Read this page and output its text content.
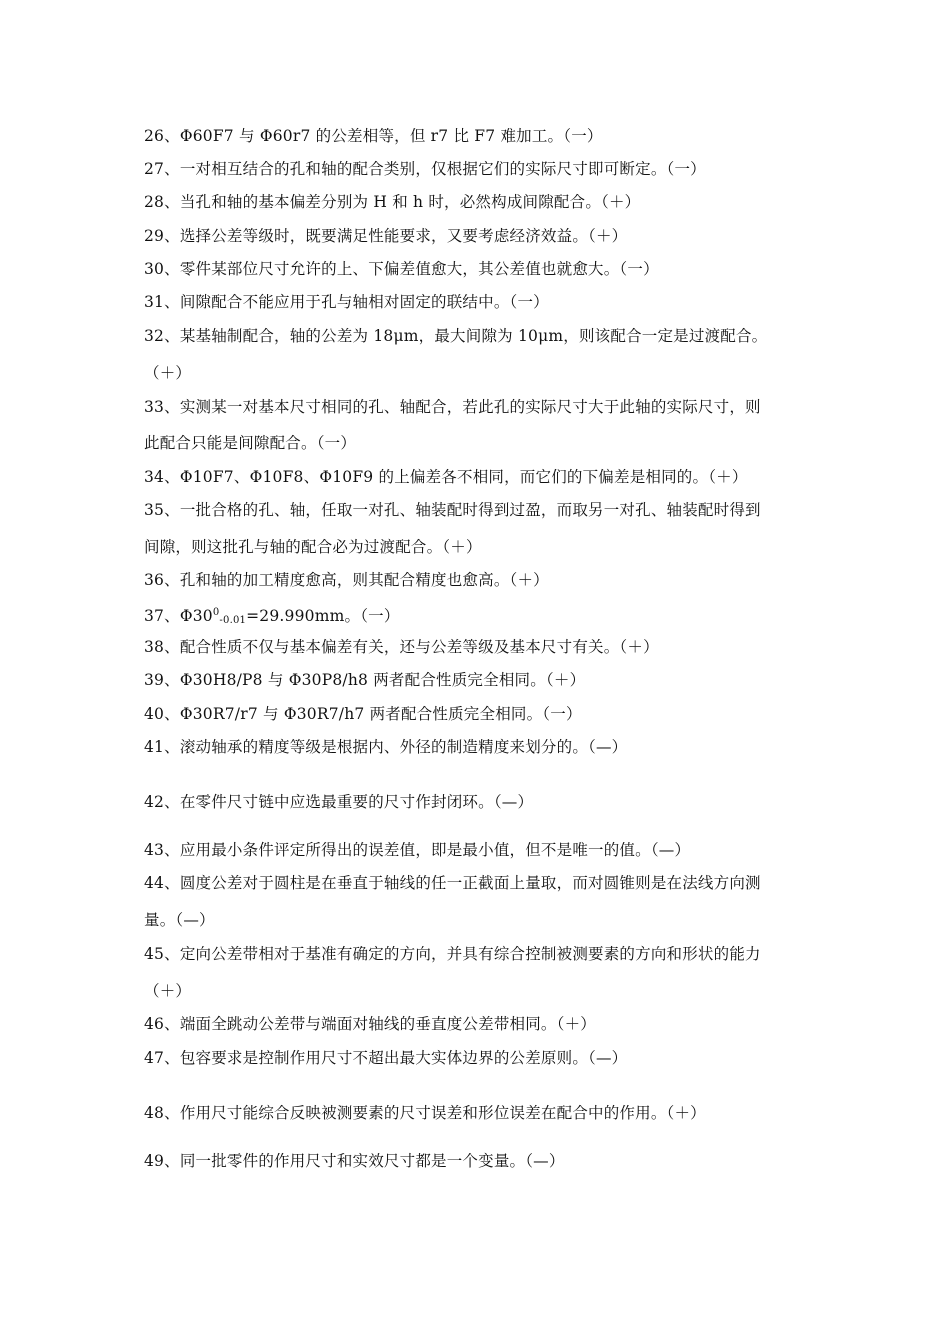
26、Φ60F7 与 Φ60r7 的公差相等，但 r7 比 F7 难加工。（一）
27、一对相互结合的孔和轴的配合类别，仅根据它们的实际尺寸即可断定。（一）
28、当孔和轴的基本偏差分别为 H 和 h 时，必然构成间隙配合。（＋）
29、选择公差等级时，既要满足性能要求，又要考虑经济效益。（＋）
30、零件某部位尺寸允许的上、下偏差值愈大，其公差值也就愈大。（一）
31、间隙配合不能应用于孔与轴相对固定的联结中。（一）
32、某基轴制配合，轴的公差为 18μm，最大间隙为 10μm，则该配合一定是过渡配合。
（＋）
33、实测某一对基本尺寸相同的孔、轴配合，若此孔的实际尺寸大于此轴的实际尺寸，则
此配合只能是间隙配合。（一）
34、Φ10F7、Φ10F8、Φ10F9 的上偏差各不相同，而它们的下偏差是相同的。（＋）
35、一批合格的孔、轴，任取一对孔、轴装配时得到过盈，而取另一对孔、轴装配时得到
间隙，则这批孔与轴的配合必为过渡配合。（＋）
36、孔和轴的加工精度愈高，则其配合精度也愈高。（＋）
37、$\Phi 30^0_{-0.01}=29.990mm$。（一）
38、配合性质不仅与基本偏差有关，还与公差等级及基本尺寸有关。（＋）
39、Φ30H8/P8 与 Φ30P8/h8 两者配合性质完全相同。（＋）
40、Φ30R7/r7 与 Φ30R7/h7 两者配合性质完全相同。（一）
41、滚动轴承的精度等级是根据内、外径的制造精度来划分的。（—）
42、在零件尺寸链中应选最重要的尺寸作封闭环。（—）
43、应用最小条件评定所得出的误差值，即是最小值，但不是唯一的值。（—）
44、圆度公差对于圆柱是在垂直于轴线的任一正截面上量取，而对圆锥则是在法线方向测
量。（—）
45、定向公差带相对于基准有确定的方向，并具有综合控制被测要素的方向和形状的能力
（＋）
46、端面全跳动公差带与端面对轴线的垂直度公差带相同。（＋）
47、包容要求是控制作用尺寸不超出最大实体边界的公差原则。（—）
48、作用尺寸能综合反映被测要素的尺寸误差和形位误差在配合中的作用。（＋）
49、同一批零件的作用尺寸和实效尺寸都是一个变量。（—）
